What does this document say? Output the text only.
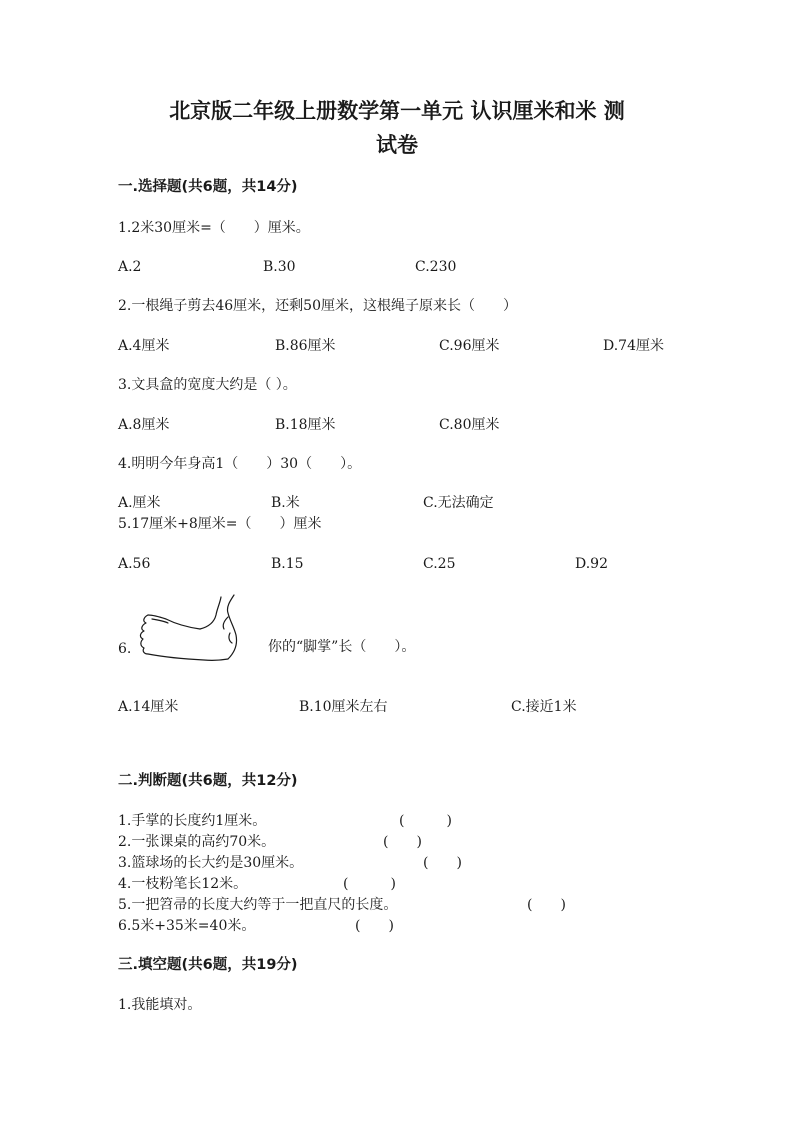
北京版二年级上册数学第一单元 认识厘米和米 测
试卷
一.选择题(共6题，共14分)
1.2米30厘米=（　　）厘米。
A.2	B.30	C.230
2.一根绳子剪去46厘米，还剩50厘米，这根绳子原来长（　　）
A.4厘米	B.86厘米	C.96厘米	D.74厘米
3.文具盒的宽度大约是（ ）。
A.8厘米	B.18厘米	C.80厘米
4.明明今年身高1（　　）30（　　）。
A.厘米	B.米	C.无法确定
5.17厘米+8厘米=（　　）厘米
A.56	B.15	C.25	D.92
6.	你的“脚掌”长（　　）。
A.14厘米	B.10厘米左右	C.接近1米
二.判断题(共6题，共12分)
1.手掌的长度约1厘米。	(　　　)
2.一张课桌的高约70米。	(　　)
3.篮球场的长大约是30厘米。	(　　)
4.一枝粉笔长12米。	(　　　)
5.一把笤帚的长度大约等于一把直尺的长度。	(　　)
6.5米+35米=40米。	(　　)
三.填空题(共6题，共19分)
1.我能填对。
